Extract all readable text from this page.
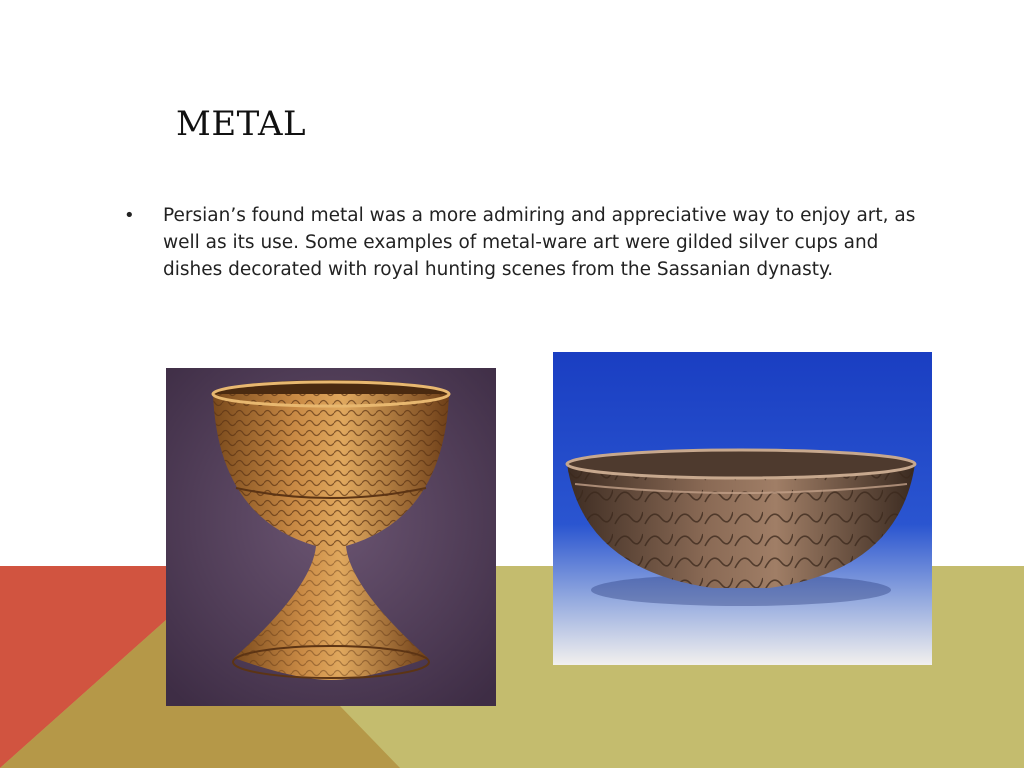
METAL
• Persian’s found metal was a more admiring and appreciative way to enjoy art, as well as its use. Some examples of metal-ware art were gilded silver cups and dishes decorated with royal hunting scenes from the Sassanian dynasty.
